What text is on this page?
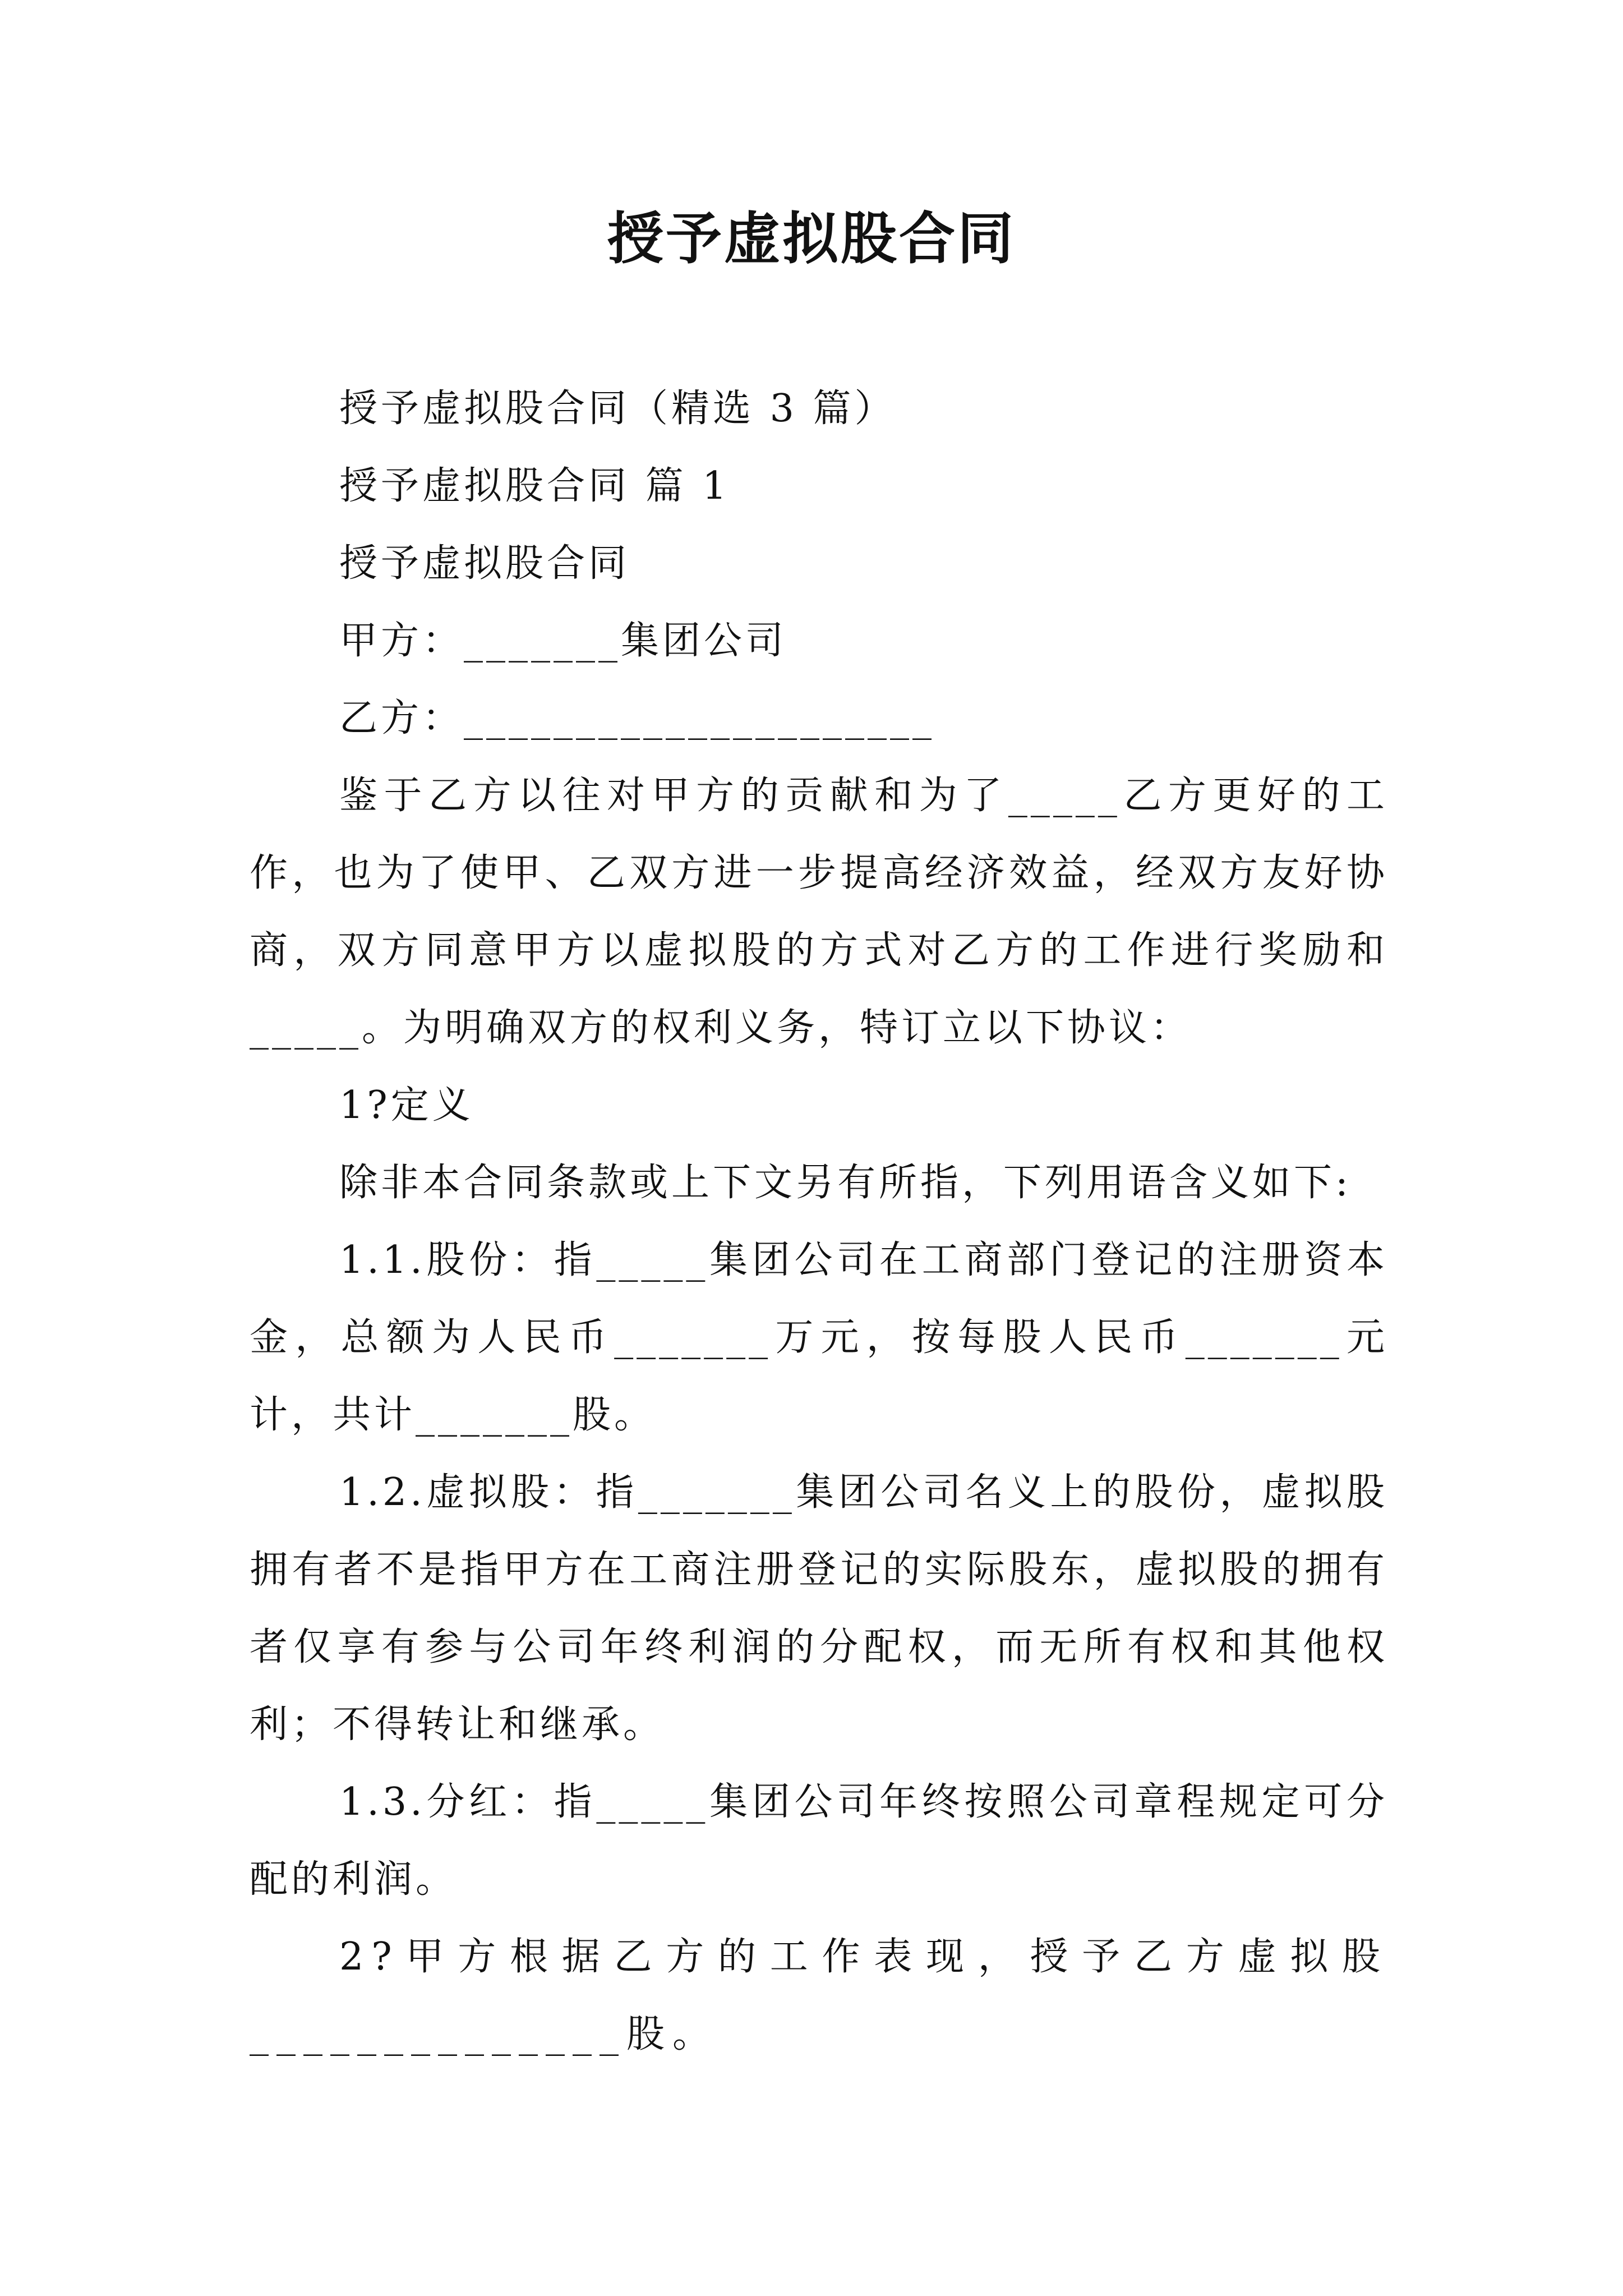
授予虚拟股合同

授予虚拟股合同（精选 3 篇）

授予虚拟股合同 篇 1

授予虚拟股合同

甲方：_______集团公司

乙方：_____________________

鉴于乙方以往对甲方的贡献和为了_____乙方更好的工作，也为了使甲、乙双方进一步提高经济效益，经双方友好协商，双方同意甲方以虚拟股的方式对乙方的工作进行奖励和_____。为明确双方的权利义务，特订立以下协议：

1?定义

除非本合同条款或上下文另有所指，下列用语含义如下:

1.1.股份：指_____集团公司在工商部门登记的注册资本金，总额为人民币_______万元，按每股人民币_______元计，共计_______股。

1.2.虚拟股：指_______集团公司名义上的股份，虚拟股拥有者不是指甲方在工商注册登记的实际股东，虚拟股的拥有者仅享有参与公司年终利润的分配权，而无所有权和其他权利；不得转让和继承。

1.3.分红：指_____集团公司年终按照公司章程规定可分配的利润。

2?甲方根据乙方的工作表现，授予乙方虚拟股______________股。
